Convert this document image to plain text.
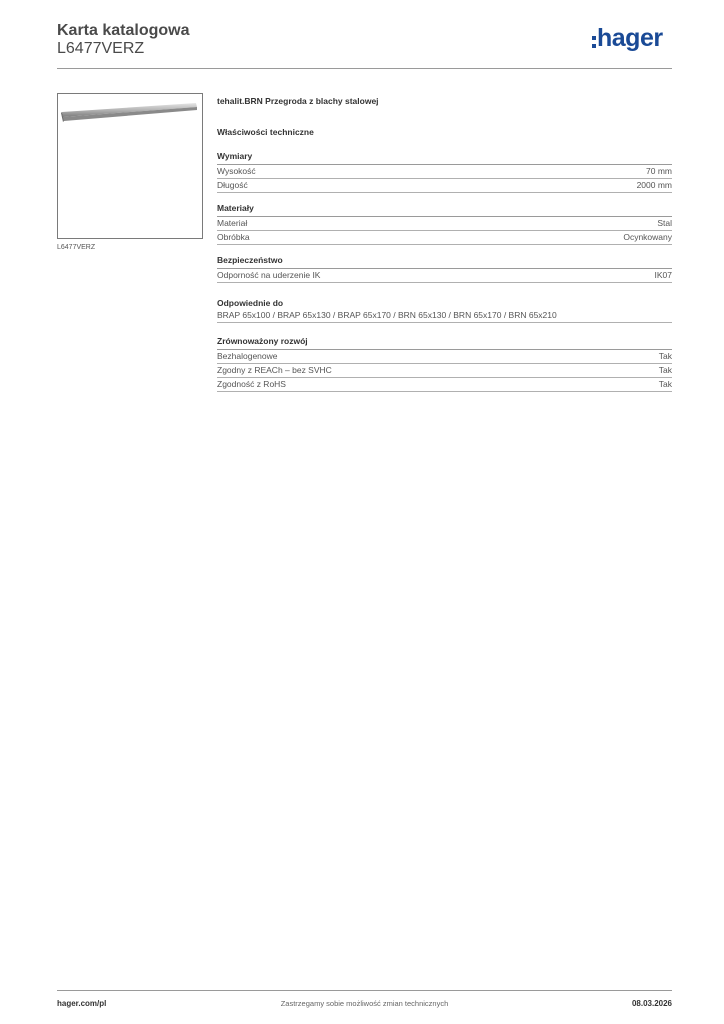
Karta katalogowa
L6477VERZ	hager
L6477VERZ
tehalit.BRN Przegroda z blachy stalowej
Właściwości techniczne
Wymiary
Wysokość	70 mm
Długość	2000 mm
Materiały
Materiał	Stal
Obróbka	Ocynkowany
Bezpieczeństwo
Odporność na uderzenie IK	IK07
Odpowiednie do
BRAP 65x100 / BRAP 65x130 / BRAP 65x170 / BRN 65x130 / BRN 65x170 / BRN 65x210
Zrównoważony rozwój
Bezhalogenowe	Tak
Zgodny z REACh – bez SVHC	Tak
Zgodność z RoHS	Tak
hager.com/pl	Zastrzegamy sobie możliwość zmian technicznych	08.03.2026
